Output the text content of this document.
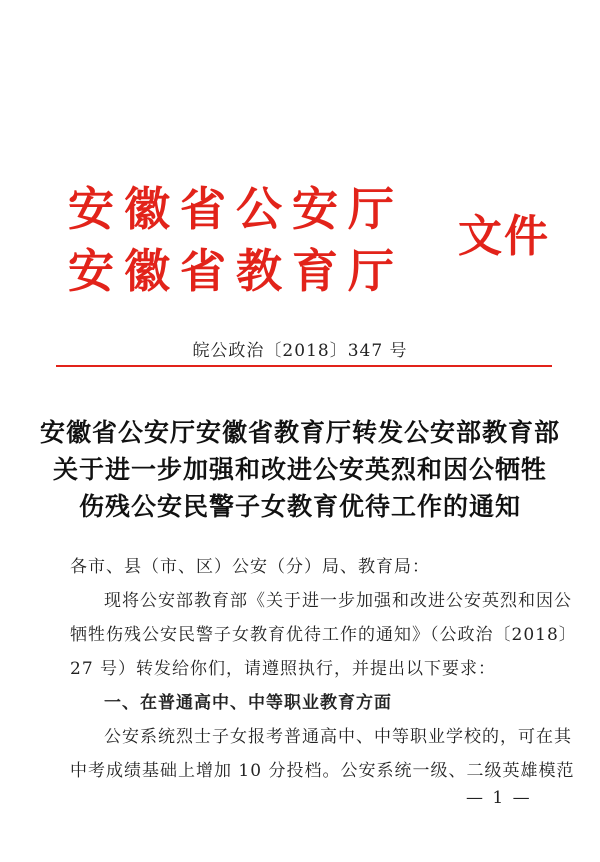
安徽省公安厅
安徽省教育厅
文件
皖公政治〔2018〕347 号
安徽省公安厅安徽省教育厅转发公安部教育部
关于进一步加强和改进公安英烈和因公牺牲
伤残公安民警子女教育优待工作的通知
各市、县（市、区）公安（分）局、教育局：
现将公安部教育部《关于进一步加强和改进公安英烈和因公
牺牲伤残公安民警子女教育优待工作的通知》（公政治〔2018〕
27 号）转发给你们，请遵照执行，并提出以下要求：
一、在普通高中、中等职业教育方面
公安系统烈士子女报考普通高中、中等职业学校的，可在其
中考成绩基础上增加 10 分投档。公安系统一级、二级英雄模范
— 1 —
